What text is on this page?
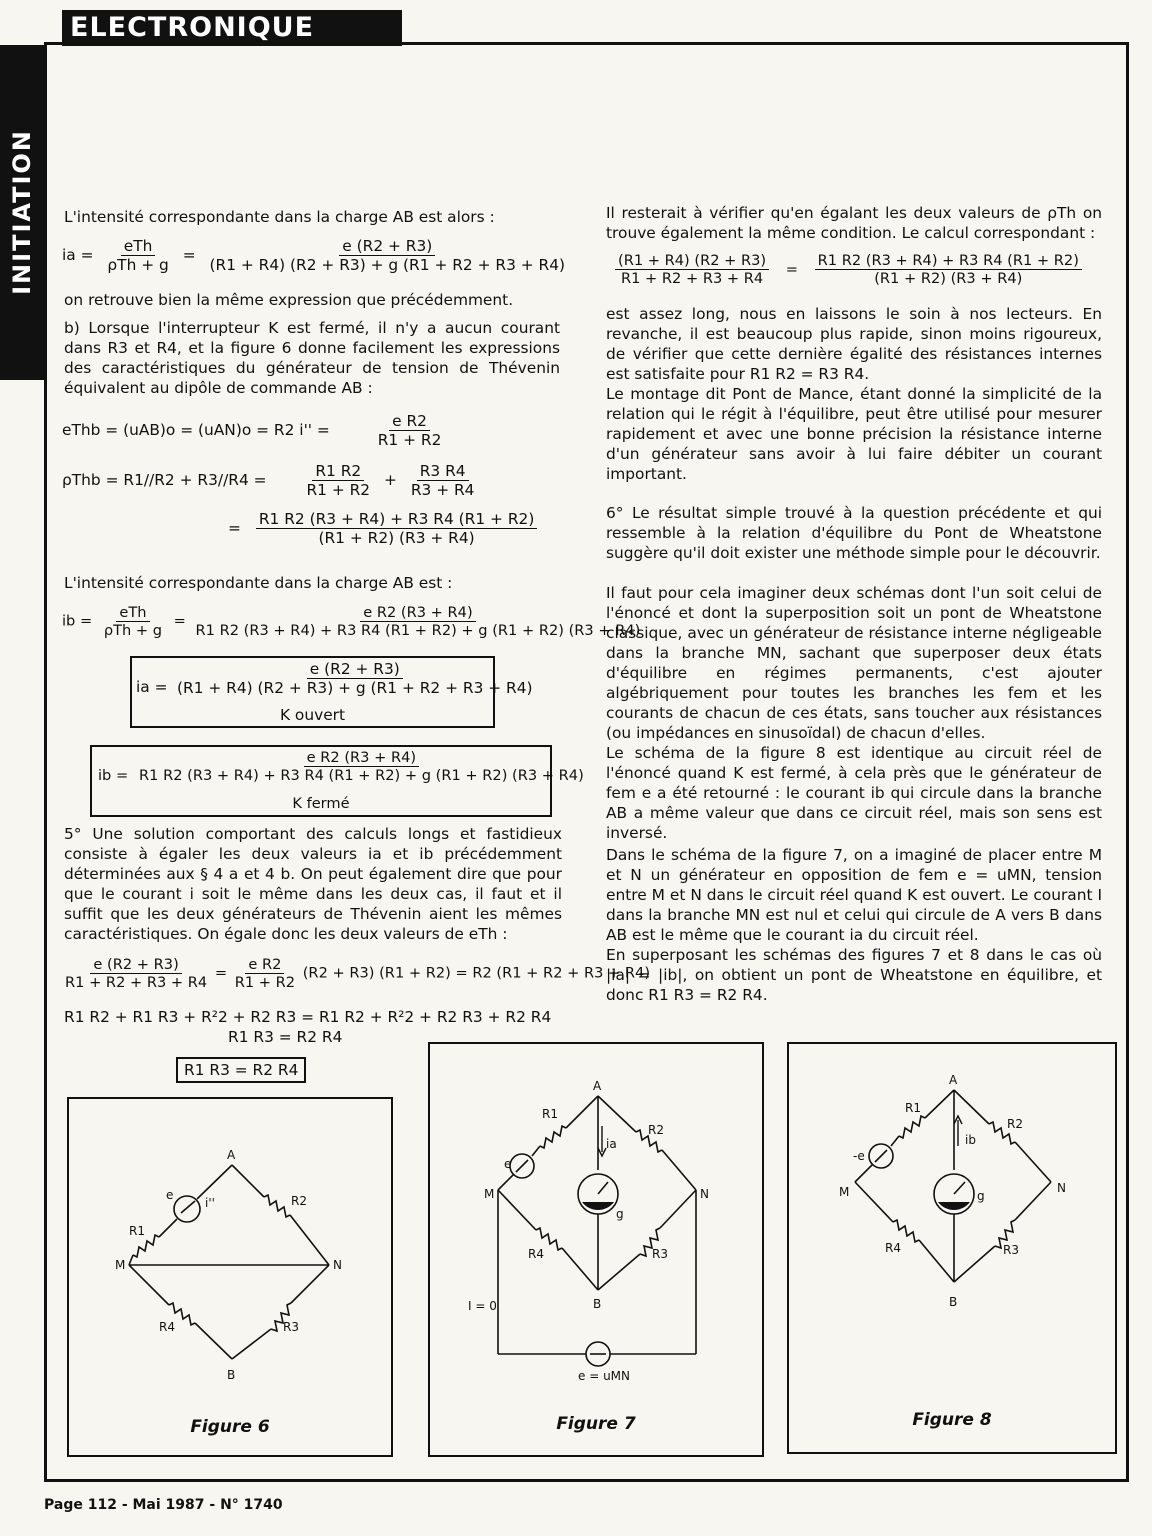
ELECTRONIQUE
INITIATION L'intensité correspondante dans la charge AB est alors :
ia = eTh
ρTh + g
= $\frac{e (R2 + R3)}{(R1 + R4) (R2 + R3) + g (R1 + R2 + R3 + R4)}$
on retrouve bien la même expression que précédemment.
b) Lorsque l'interrupteur K est fermé, il n'y a aucun courant dans R3 et R4, et la figure 6 donne facilement les expressions des caractéristiques du générateur de tension de Thévenin équivalent au dipôle de commande AB :
eThb = (uAB)o = (uAN)o = R2 i'' =	$\frac{\text{e R2}}{R1 + R2}$
$\rho Thb = R1//R2 + R3//R4 = \frac{R1 R2}{R1 + R2} + \frac{R3 R4}{R3 + R4}$
= $\frac{R1 R2 (R3 + R4) + R3 R4 (R1 + R2)}{(R1 + R2) (R3 + R4)}$
L'intensité correspondante dans la charge AB est :
ib = eTh
ρTh + g
= $\frac{\text{e R2 (R3 + R4)}}{R1 R2 (R3 + R4) + R3 R4 (R1 + R2) + g (R1 + R2) (R3 + R4)}$
ia = $\frac{e (R2 + R3)}{(R1 + R4) (R2 + R3) + g (R1 + R2 + R3 + R4)}$
K ouvert
ib = $\frac{\text{e R2 (R3 + R4)}}{R1 R2 (R3 + R4) + R3 R4 (R1 + R2) + g (R1 + R2) (R3 + R4)}$
K fermé
5° Une solution comportant des calculs longs et fastidieux consiste à égaler les deux valeurs ia et ib précédemment déterminées aux § 4 a et 4 b. On peut également dire que pour que le courant i soit le même dans les deux cas, il faut et il suffit que les deux générateurs de Thévenin aient les mêmes caractéristiques. On égale donc les deux valeurs de eTh :
$\frac{e (R2 + R3)}{R1 + R2 + R3 + R4} = \frac{\text{e R2}}{R1 + R2} (R2 + R3) (R1 + R2) = R2$ (R1 + R2 + R3 + R4)
R1 R2 + R1 R3 + R²2 + R2 R3 = R1 R2 + R²2 + R2 R3 + R2 R4
R1 R3 = R2 R4
R1 R3 = R2 R4
Il resterait à vérifier qu'en égalant les deux valeurs de ρTh on trouve également la même condition. Le calcul correspondant :
$\frac{(R1 + R4) (R2 + R3)}{R1 + R2 + R3 + R4} = \frac{R1 R2 (R3 + R4) + R3 R4 (R1 + R2)}{(R1 + R2) (R3 + R4)}$
est assez long, nous en laissons le soin à nos lecteurs. En revanche, il est beaucoup plus rapide, sinon moins rigoureux, de vérifier que cette dernière égalité des résistances internes est satisfaite pour R1 R2 = R3 R4.
Le montage dit Pont de Mance, étant donné la simplicité de la relation qui le régit à l'équilibre, peut être utilisé pour mesurer rapidement et avec une bonne précision la résistance interne d'un générateur sans avoir à lui faire débiter un courant important.
6° Le résultat simple trouvé à la question précédente et qui ressemble à la relation d'équilibre du Pont de Wheatstone suggère qu'il doit exister une méthode simple pour le découvrir.
Il faut pour cela imaginer deux schémas dont l'un soit celui de l'énoncé et dont la superposition soit un pont de Wheatstone classique, avec un générateur de résistance interne négligeable dans la branche MN, sachant que superposer deux états d'équilibre en régimes permanents, c'est ajouter algébriquement pour toutes les branches les fem et les courants de chacun de ces états, sans toucher aux résistances (ou impédances en sinusoïdal) de chacun d'elles.
Le schéma de la figure 8 est identique au circuit réel de l'énoncé quand K est fermé, à cela près que le générateur de fem e a été retourné : le courant ib qui circule dans la branche AB a même valeur que dans ce circuit réel, mais son sens est inversé.
Dans le schéma de la figure 7, on a imaginé de placer entre M et N un générateur en opposition de fem e = uMN, tension entre M et N dans le circuit réel quand K est ouvert. Le courant I dans la branche MN est nul et celui qui circule de A vers B dans AB est le même que le courant ia du circuit réel.
En superposant les schémas des figures 7 et 8 dans le cas où |ia| = |ib|, on obtient un pont de Wheatstone en équilibre, et donc R1 R3 = R2 R4.
A
M	N
B
R1
R2
R3
R4
e
i''
Figure 6
A
M	N
B
R1
R2
R3
R4
e
ia
g
I = 0
e = uMN
Figure 7
A
M	N
B
R1
R2
R3
R4
-e
ib
g
Figure 8
Page 112 - Mai 1987 - N° 1740
